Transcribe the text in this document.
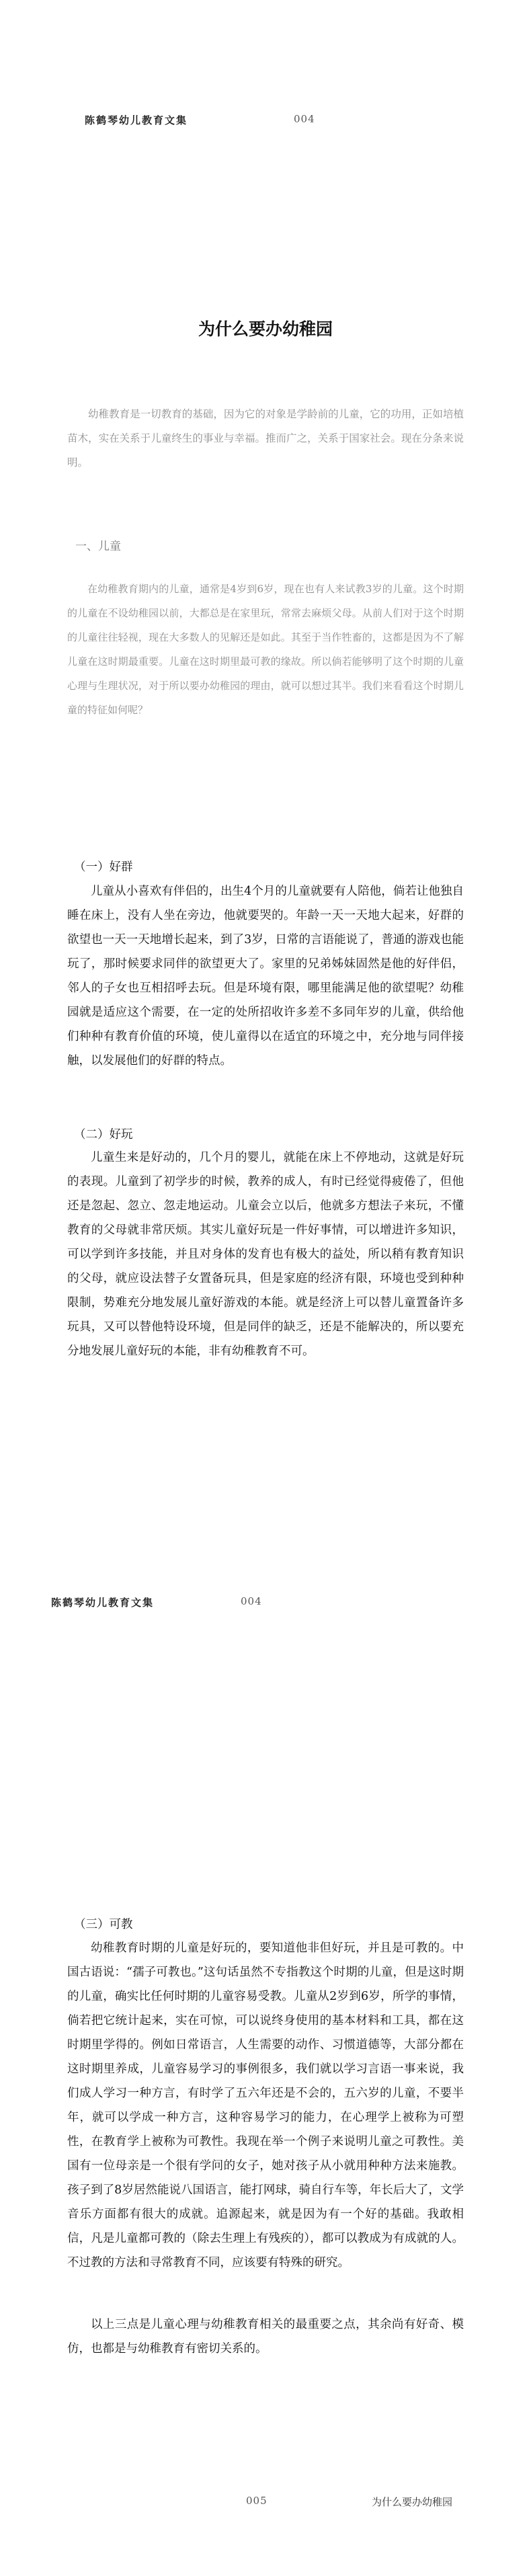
陈鹤琴幼儿教育文集	004
为什么要办幼稚园

幼稚教育是一切教育的基础，因为它的对象是学龄前的儿童，它的功用，正如培植苗木，实在关系于儿童终生的事业与幸福。推而广之，关系于国家社会。现在分条来说明。

一、儿童

在幼稚教育期内的儿童，通常是4岁到6岁，现在也有人来试教3岁的儿童。这个时期的儿童在不设幼稚园以前，大都总是在家里玩，常常去麻烦父母。从前人们对于这个时期的儿童往往轻视，现在大多数人的见解还是如此。其至于当作牲畜的，这都是因为不了解儿童在这时期最重要。儿童在这时期里最可教的缘故。所以倘若能够明了这个时期的儿童心理与生理状况，对于所以要办幼稚园的理由，就可以想过其半。我们来看看这个时期儿童的特征如何呢？

（一）好群

儿童从小喜欢有伴侣的，出生4个月的儿童就要有人陪他，倘若让他独自睡在床上，没有人坐在旁边，他就要哭的。年龄一天一天地大起来，好群的欲望也一天一天地增长起来，到了3岁，日常的言语能说了，普通的游戏也能玩了，那时候要求同伴的欲望更大了。家里的兄弟姊妹固然是他的好伴侣，邻人的子女也互相招呼去玩。但是环境有限，哪里能满足他的欲望呢？幼稚园就是适应这个需要，在一定的处所招收许多差不多同年岁的儿童，供给他们种种有教育价值的环境，使儿童得以在适宜的环境之中，充分地与同伴接触，以发展他们的好群的特点。

（二）好玩

儿童生来是好动的，几个月的婴儿，就能在床上不停地动，这就是好玩的表现。儿童到了初学步的时候，教养的成人，有时已经觉得疲倦了，但他还是忽起、忽立、忽走地运动。儿童会立以后，他就多方想法子来玩，不懂教育的父母就非常厌烦。其实儿童好玩是一件好事情，可以增进许多知识，可以学到许多技能，并且对身体的发育也有极大的益处，所以稍有教育知识的父母，就应设法替子女置备玩具，但是家庭的经济有限，环境也受到种种限制，势难充分地发展儿童好游戏的本能。就是经济上可以替儿童置备许多玩具，又可以替他特设环境，但是同伴的缺乏，还是不能解决的，所以要充分地发展儿童好玩的本能，非有幼稚教育不可。

陈鹤琴幼儿教育文集	004
（三）可教

幼稚教育时期的儿童是好玩的，要知道他非但好玩，并且是可教的。中国古语说：“孺子可教也。”这句话虽然不专指教这个时期的儿童，但是这时期的儿童，确实比任何时期的儿童容易受教。儿童从2岁到6岁，所学的事情，倘若把它统计起来，实在可惊，可以说终身使用的基本材料和工具，都在这时期里学得的。例如日常语言，人生需要的动作、习惯道德等，大部分都在这时期里养成，儿童容易学习的事例很多，我们就以学习言语一事来说，我们成人学习一种方言，有时学了五六年还是不会的，五六岁的儿童，不要半年，就可以学成一种方言，这种容易学习的能力，在心理学上被称为可塑性，在教育学上被称为可教性。我现在举一个例子来说明儿童之可教性。美国有一位母亲是一个很有学问的女子，她对孩子从小就用种种方法来施教。孩子到了8岁居然能说八国语言，能打网球，骑自行车等，年长后大了，文学音乐方面都有很大的成就。追源起来，就是因为有一个好的基础。我敢相信，凡是儿童都可教的（除去生理上有残疾的），都可以教成为有成就的人。不过教的方法和寻常教育不同，应该要有特殊的研究。

以上三点是儿童心理与幼稚教育相关的最重要之点，其余尚有好奇、模仿，也都是与幼稚教育有密切关系的。

005	为什么要办幼稚园
